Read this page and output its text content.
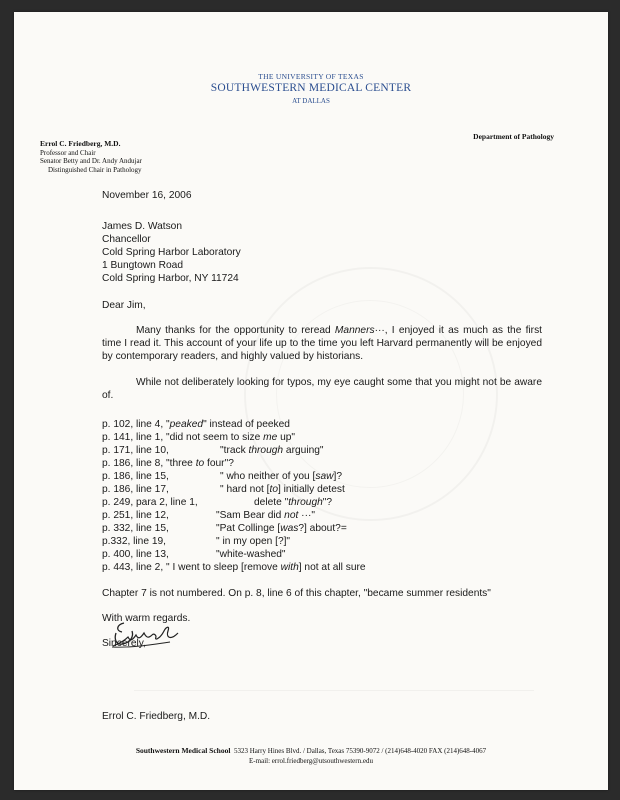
THE UNIVERSITY OF TEXAS
SOUTHWESTERN MEDICAL CENTER
AT DALLAS
Errol C. Friedberg, M.D.
Professor and Chair
Senator Betty and Dr. Andy Andujar
Distinguished Chair in Pathology
Department of Pathology
November 16, 2006
James D. Watson
Chancellor
Cold Spring Harbor Laboratory
1 Bungtown Road
Cold Spring Harbor, NY 11724
Dear Jim,
Many thanks for the opportunity to reread Manners···, I enjoyed it as much as the first time I read it. This account of your life up to the time you left Harvard permanently will be enjoyed by contemporary readers, and highly valued by historians.
While not deliberately looking for typos, my eye caught some that you might not be aware of.
p. 102, line 4, "peaked" instead of peeked
p. 141, line 1, "did not seem to size me up"
p. 171, line 10,	"track through arguing"
p. 186, line 8, "three to four"?
p. 186, line 15,	" who neither of you [saw]?
p. 186, line 17,	" hard not [to] initially detest
p. 249, para 2, line 1,	delete "through"?
p. 251, line 12,	"Sam Bear did not ···"
p. 332, line 15,	"Pat Collinge [was?] about?=
p.332, line 19,	" in my open [?]"
p. 400, line 13,	"white-washed"
p. 443, line 2, " I went to sleep [remove with] not at all sure
Chapter 7 is not numbered. On p. 8, line 6 of this chapter, "became summer residents"
With warm regards.
Sincerely,
Errol C. Friedberg, M.D.
Southwestern Medical School 5323 Harry Hines Blvd. / Dallas, Texas 75390-9072 / (214)648-4020 FAX (214)648-4067
E-mail: errol.friedberg@utsouthwestern.edu
